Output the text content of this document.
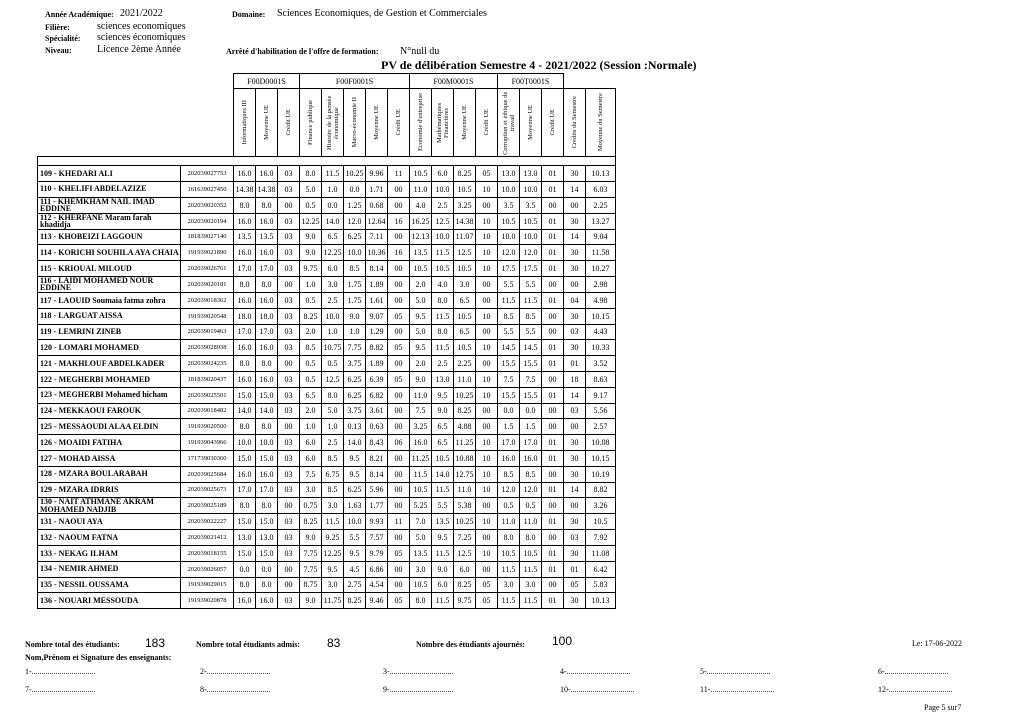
Année Académique: 2021/2022
Filière:	sciences economiques
Spécialité: sciences économiques
Niveau:	Licence 2ème Année
Domaine: Sciences Economiques, de Gestion et Commerciales
Arrêté d'habilitation de l'offre de formation: N°null du
PV de délibération Semestre 4 - 2021/2022 (Session :Normale)
		F00D0001S			F00F0001S					F00M0001S				F00T0001S				

		Informatiques III	Moyenne UE	Crédit UE	Finance publique	Histoire de la pensée économique	Macro-économie II	Moyenne UE	Crédit UE	Economie d'entreprise	Mathématiques Financières	Moyenne UE	Crédit UE	Corruption et éthique de travail	Moyenne UE	Crédit UE	Crédits du Semestre	Moyenne du Semestre

109 - KHEDARI ALI	202039027753	16.0	16.0	03	8.0	11.5	10.25	9.96	11	10.5	6.0	8.25	05	13.0	13.0	01	30	10.13
110 - KHELIFI ABDELAZIZE	161639027450	14.38	14.38	03	5.0	1.0	0.0	1.71	00	11.0	10.0	10.5	10	10.0	10.0	01	14	6.03
111 - KHEMKHAM NAIL IMAD EDDINE	202039020352	8.0	8.0	00	0.5	0.0	1.25	0.68	00	4.0	2.5	3.25	00	3.5	3.5	00	00	2.25
112 - KHERFANE Maram farah khadidja	202039020194	16.0	16.0	03	12.25	14.0	12.0	12.64	16	16.25	12.5	14.38	10	10.5	10.5	01	30	13.27
113 - KHOBEIZI LAGGOUN	181839027140	13.5	13.5	03	9.0	6.5	6.25	7.11	00	12.13	10.0	11.07	10	10.0	10.0	01	14	9.04
114 - KORICHI SOUHILA AYA CHAIA	191939021890	16.0	16.0	03	9.0	12.25	10.0	10.36	16	13.5	11.5	12.5	10	12.0	12.0	01	30	11.58
115 - KRIOUAL MILOUD	202039026761	17.0	17.0	03	9.75	6.0	8.5	8.14	00	10.5	10.5	10.5	10	17.5	17.5	01	30	10.27
116 - LAIDI MOHAMED NOUR EDDINE	202039020181	8.0	8.0	00	1.0	3.0	1.75	1.89	00	2.0	4.0	3.0	00	5.5	5.5	00	00	2.98
117 - LAOUID Soumaia fatma zohra	202039018362	16.0	16.0	03	0.5	2.5	1.75	1.61	00	5.0	8.0	6.5	00	11.5	11.5	01	04	4.98
118 - LARGUAT AISSA	191939020548	18.0	18.0	03	8.25	10.0	9.0	9.07	05	9.5	11.5	10.5	10	8.5	8.5	00	30	10.15
119 - LEMRINI ZINEB	202039019463	17.0	17.0	03	2.0	1.0	1.0	1.29	00	5.0	8.0	6.5	00	5.5	5.5	00	03	4.43
120 - LOMARI MOHAMED	202039028938	16.0	16.0	03	8.5	10.75	7.75	8.82	05	9.5	11.5	10.5	10	14.5	14.5	01	30	10.33
121 - MAKHLOUF ABDELKADER	202039024235	8.0	8.0	00	0.5	0.5	3.75	1.89	00	2.0	2.5	2.25	00	15.5	15.5	01	01	3.52
122 - MEGHERBI MOHAMED	181839020437	16.0	16.0	03	0.5	12.5	6.25	6.39	05	9.0	13.0	11.0	10	7.5	7.5	00	18	8.63
123 - MEGHERBI Mohamed hicham	202039025501	15.0	15.0	03	6.5	8.0	6.25	6.82	00	11.0	9.5	10.25	10	15.5	15.5	01	14	9.17
124 - MEKKAOUI FAROUK	202039018482	14.0	14.0	03	2.0	5.0	3.75	3.61	00	7.5	9.0	8.25	00	0.0	0.0	00	03	5.56
125 - MESSAOUDI ALAA ELDIN	191939020500	8.0	8.0	00	1.0	1.0	0.13	0.63	00	3.25	6.5	4.88	00	1.5	1.5	00	00	2.57
126 - MOAIDI FATIHA	191939043966	10.0	10.0	03	6.0	2.5	14.0	8.43	06	16.0	6.5	11.25	10	17.0	17.0	01	30	10.08
127 - MOHAD AISSA	171739030360	15.0	15.0	03	6.0	8.5	9.5	8.21	00	11.25	10.5	10.88	10	16.0	16.0	01	30	10.15
128 - MZARA BOULARABAH	202039025684	16.0	16.0	03	7.5	6.75	9.5	8.14	00	11.5	14.0	12.75	10	8.5	8.5	00	30	10.19
129 - MZARA IDRRIS	202039025673	17.0	17.0	03	3.0	8.5	6.25	5.96	00	10.5	11.5	11.0	10	12.0	12.0	01	14	8.82
130 - NAIT ATHMANE AKRAM MOHAMED NADJIB	202039025189	8.0	8.0	00	0.75	3.0	1.63	1.77	00	5.25	5.5	5.38	00	0.5	0.5	00	00	3.26
131 - NAOUI AYA	202039022227	15.0	15.0	03	8.25	11.5	10.0	9.93	11	7.0	13.5	10.25	10	11.0	11.0	01	30	10.5
132 - NAOUM FATNA	202039021412	13.0	13.0	03	9.0	9.25	5.5	7.57	00	5.0	9.5	7.25	00	8.0	8.0	00	03	7.92
133 - NEKAG ILHAM	202039018155	15.0	15.0	03	7.75	12.25	9.5	9.79	05	13.5	11.5	12.5	10	10.5	10.5	01	30	11.08
134 - NEMIR AHMED	202039026057	0.0	0.0	00	7.75	9.5	4.5	6.86	00	3.0	9.0	6.0	00	11.5	11.5	01	01	6.42
135 - NESSIL OUSSAMA	191939029015	8.0	8.0	00	8.75	3.0	2.75	4.54	00	10.5	6.0	8.25	05	3.0	3.0	00	05	5.83
136 - NOUARI MESSOUDA	191939020878	16.0	16.0	03	9.0	11.75	8.25	9.46	05	8.0	11.5	9.75	05	11.5	11.5	01	30	10.13
Nombre total des étudiants: 183	Nombre total étudiants admis: 83	Nombre des étudiants ajournés: 100	Le: 17-06-2022
Nom,Prénom et Signature des enseignants:
1-................................	2-................................	3-................................	4-................................	5-................................	6-................................
7-................................	8-................................	9-................................	10-................................	11-................................	12-................................
Page 5 sur7
